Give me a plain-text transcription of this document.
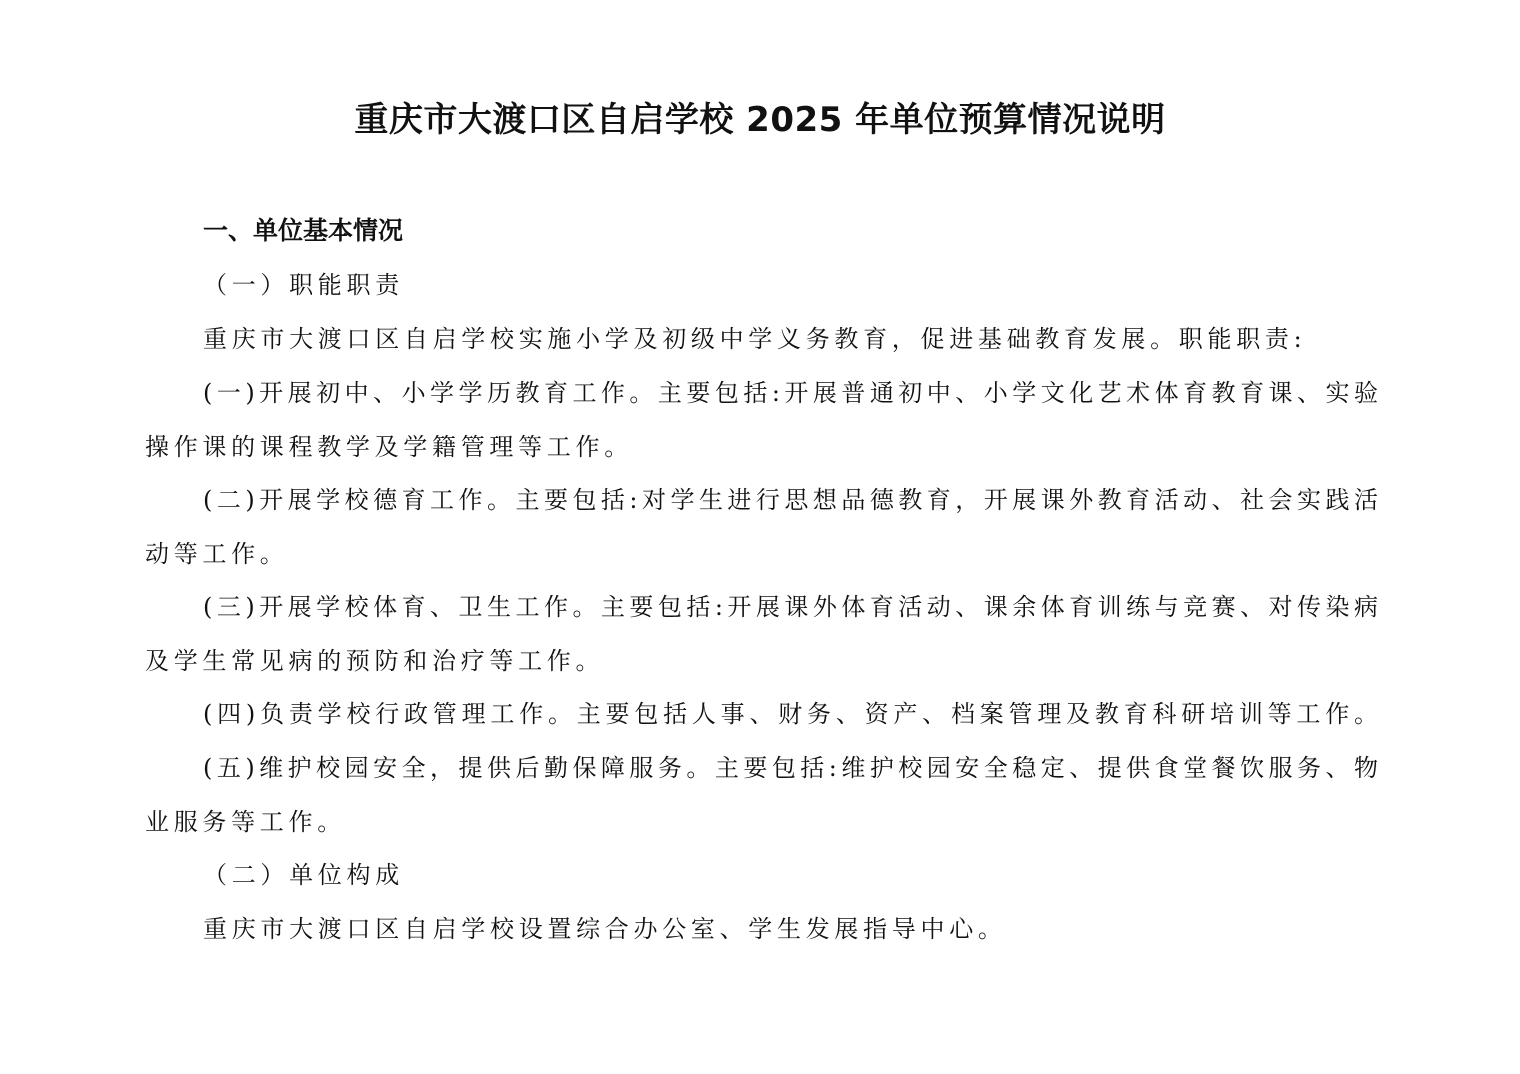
重庆市大渡口区自启学校 2025 年单位预算情况说明

一、单位基本情况

（一）职能职责

重庆市大渡口区自启学校实施小学及初级中学义务教育，促进基础教育发展。职能职责:

(一)开展初中、小学学历教育工作。主要包括:开展普通初中、小学文化艺术体育教育课、实验

操作课的课程教学及学籍管理等工作。

(二)开展学校德育工作。主要包括:对学生进行思想品德教育，开展课外教育活动、社会实践活

动等工作。

(三)开展学校体育、卫生工作。主要包括:开展课外体育活动、课余体育训练与竞赛、对传染病

及学生常见病的预防和治疗等工作。

(四)负责学校行政管理工作。主要包括人事、财务、资产、档案管理及教育科研培训等工作。

(五)维护校园安全，提供后勤保障服务。主要包括:维护校园安全稳定、提供食堂餐饮服务、物

业服务等工作。

（二）单位构成

重庆市大渡口区自启学校设置综合办公室、学生发展指导中心。
